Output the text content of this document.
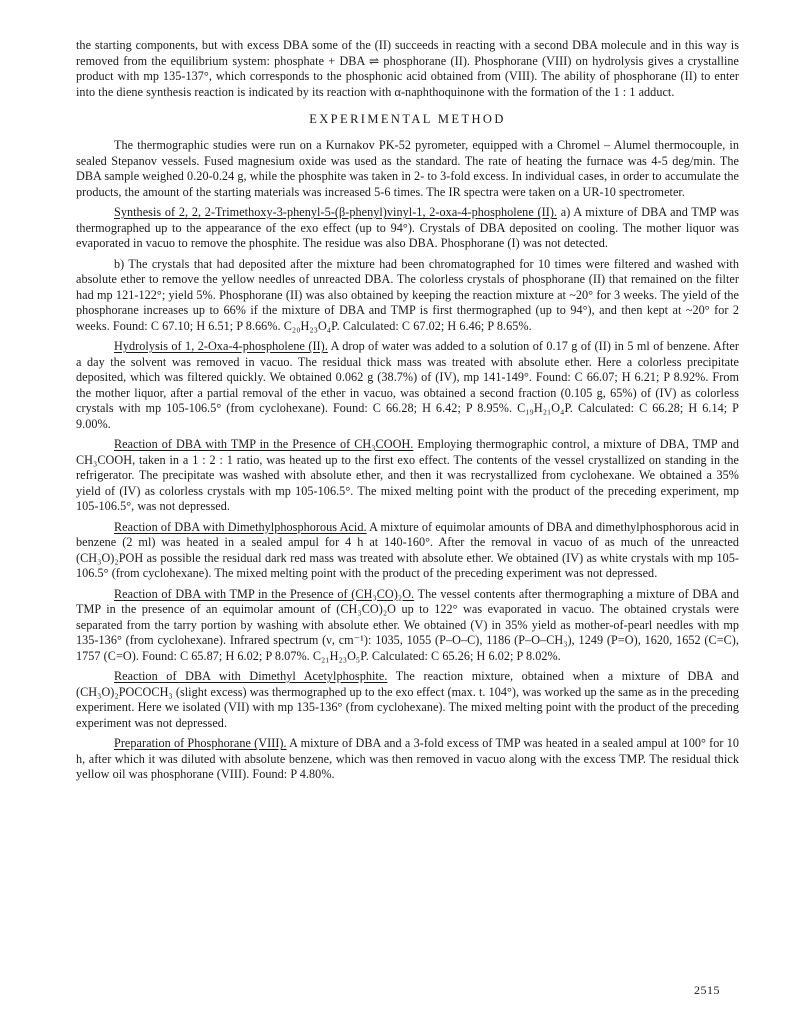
the starting components, but with excess DBA some of the (II) succeeds in reacting with a second DBA molecule and in this way is removed from the equilibrium system: phosphate + DBA ⇌ phosphorane (II). Phosphorane (VIII) on hydrolysis gives a crystalline product with mp 135-137°, which corresponds to the phosphonic acid obtained from (VIII). The ability of phosphorane (II) to enter into the diene synthesis reaction is indicated by its reaction with α-naphthoquinone with the formation of the 1 : 1 adduct.

EXPERIMENTAL METHOD

The thermographic studies were run on a Kurnakov PK-52 pyrometer, equipped with a Chromel – Alumel thermocouple, in sealed Stepanov vessels. Fused magnesium oxide was used as the standard. The rate of heating the furnace was 4-5 deg/min. The DBA sample weighed 0.20-0.24 g, while the phosphite was taken in 2- to 3-fold excess. In individual cases, in order to accumulate the products, the amount of the starting materials was increased 5-6 times. The IR spectra were taken on a UR-10 spectrometer.

Synthesis of 2, 2, 2-Trimethoxy-3-phenyl-5-(β-phenyl)vinyl-1, 2-oxa-4-phospholene (II). a) A mixture of DBA and TMP was thermographed up to the appearance of the exo effect (up to 94°). Crystals of DBA deposited on cooling. The mother liquor was evaporated in vacuo to remove the phosphite. The residue was also DBA. Phosphorane (I) was not detected.

b) The crystals that had deposited after the mixture had been chromatographed for 10 times were filtered and washed with absolute ether to remove the yellow needles of unreacted DBA. The colorless crystals of phosphorane (II) that remained on the filter had mp 121-122°; yield 5%. Phosphorane (II) was also obtained by keeping the reaction mixture at ~20° for 3 weeks. The yield of the phosphorane increases up to 66% if the mixture of DBA and TMP is first thermographed (up to 94°), and then kept at ~20° for 2 weeks. Found: C 67.10; H 6.51; P 8.66%. C₂₀H₂₃O₄P. Calculated: C 67.02; H 6.46; P 8.65%.

Hydrolysis of 1, 2-Oxa-4-phospholene (II). A drop of water was added to a solution of 0.17 g of (II) in 5 ml of benzene. After a day the solvent was removed in vacuo. The residual thick mass was treated with absolute ether. Here a colorless precipitate deposited, which was filtered quickly. We obtained 0.062 g (38.7%) of (IV), mp 141-149°. Found: C 66.07; H 6.21; P 8.92%. From the mother liquor, after a partial removal of the ether in vacuo, was obtained a second fraction (0.105 g, 65%) of (IV) as colorless crystals with mp 105-106.5° (from cyclohexane). Found: C 66.28; H 6.42; P 8.95%. C₁₉H₂₁O₄P. Calculated: C 66.28; H 6.14; P 9.00%.

Reaction of DBA with TMP in the Presence of CH₃COOH. Employing thermographic control, a mixture of DBA, TMP and CH₃COOH, taken in a 1 : 2 : 1 ratio, was heated up to the first exo effect. The contents of the vessel crystallized on standing in the refrigerator. The precipitate was washed with absolute ether, and then it was recrystallized from cyclohexane. We obtained a 35% yield of (IV) as colorless crystals with mp 105-106.5°. The mixed melting point with the product of the preceding experiment, mp 105-106.5°, was not depressed.

Reaction of DBA with Dimethylphosphorous Acid. A mixture of equimolar amounts of DBA and dimethylphosphorous acid in benzene (2 ml) was heated in a sealed ampul for 4 h at 140-160°. After the removal in vacuo of as much of the unreacted (CH₃O)₂POH as possible the residual dark red mass was treated with absolute ether. We obtained (IV) as white crystals with mp 105-106.5° (from cyclohexane). The mixed melting point with the product of the preceding experiment was not depressed.

Reaction of DBA with TMP in the Presence of (CH₃CO)₂O. The vessel contents after thermographing a mixture of DBA and TMP in the presence of an equimolar amount of (CH₃CO)₂O up to 122° was evaporated in vacuo. The obtained crystals were separated from the tarry portion by washing with absolute ether. We obtained (V) in 35% yield as mother-of-pearl needles with mp 135-136° (from cyclohexane). Infrared spectrum (ν, cm⁻¹): 1035, 1055 (P–O–C), 1186 (P–O–CH₃), 1249 (P=O), 1620, 1652 (C=C), 1757 (C=O). Found: C 65.87; H 6.02; P 8.07%. C₂₁H₂₃O₅P. Calculated: C 65.26; H 6.02; P 8.02%.

Reaction of DBA with Dimethyl Acetylphosphite. The reaction mixture, obtained when a mixture of DBA and (CH₃O)₂POCOCH₃ (slight excess) was thermographed up to the exo effect (max. t. 104°), was worked up the same as in the preceding experiment. Here we isolated (VII) with mp 135-136° (from cyclohexane). The mixed melting point with the product of the preceding experiment was not depressed.

Preparation of Phosphorane (VIII). A mixture of DBA and a 3-fold excess of TMP was heated in a sealed ampul at 100° for 10 h, after which it was diluted with absolute benzene, which was then removed in vacuo along with the excess TMP. The residual thick yellow oil was phosphorane (VIII). Found: P 4.80%.

2515
